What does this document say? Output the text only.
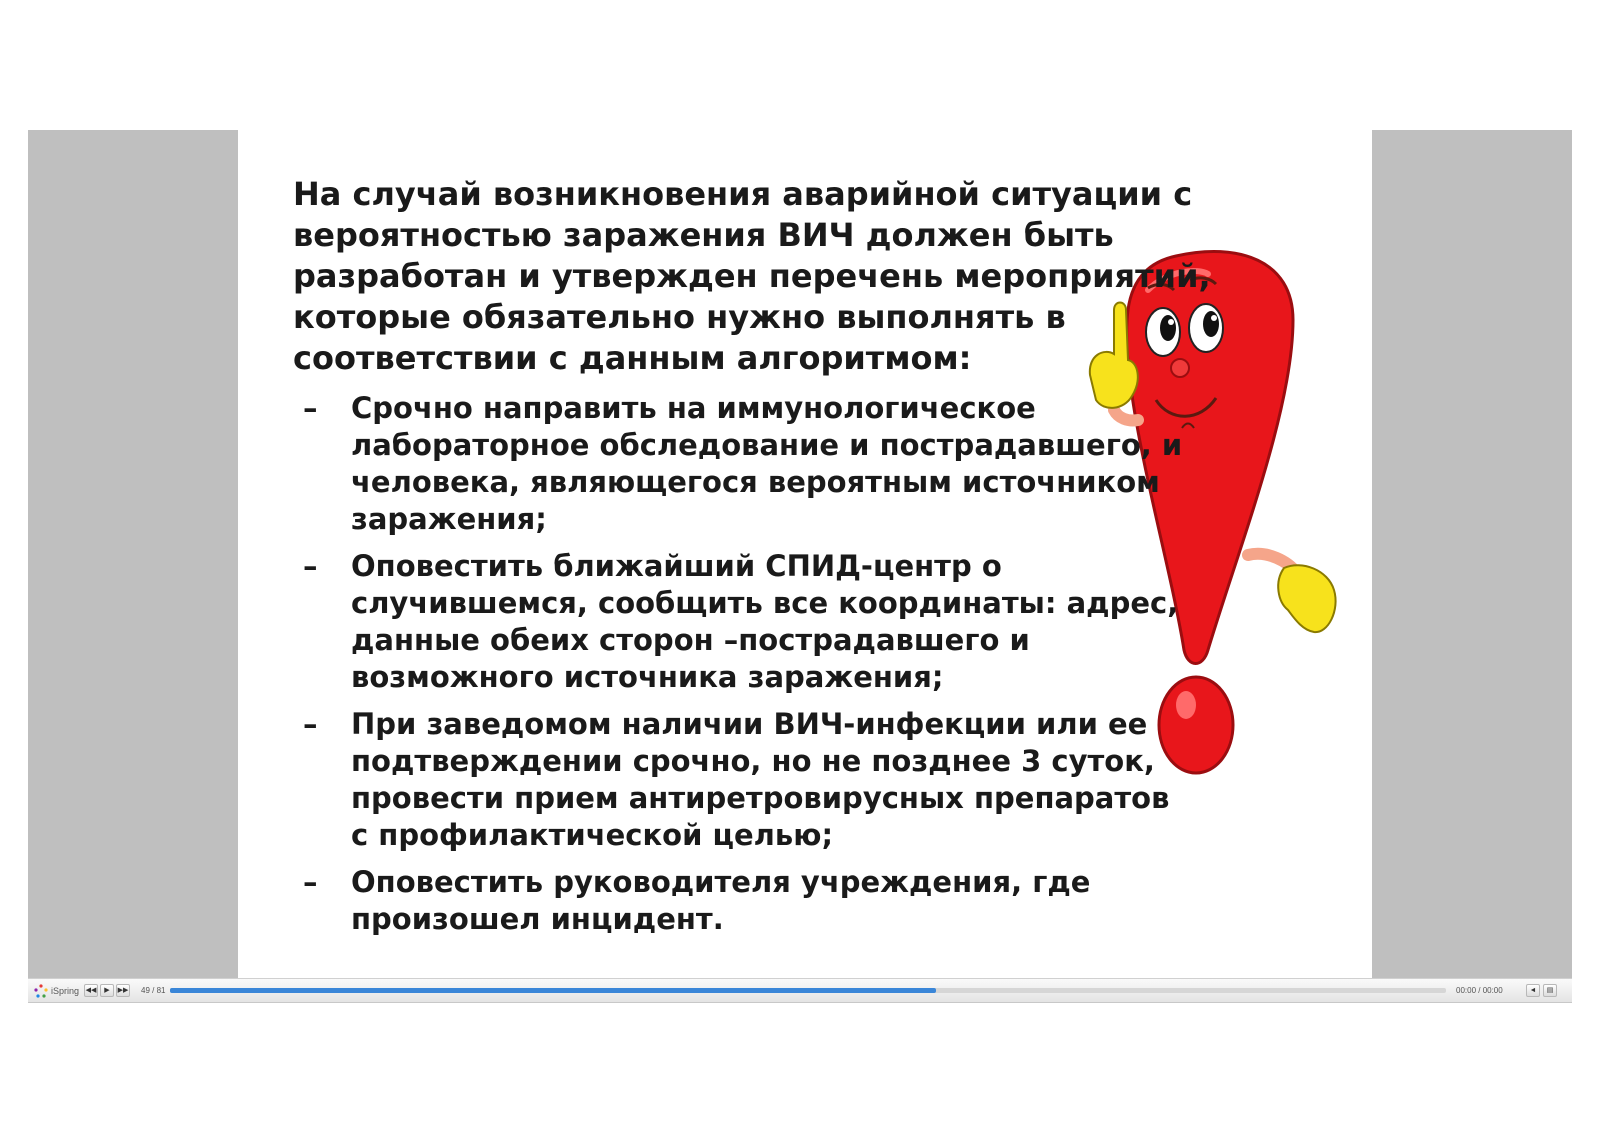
На случай возникновения аварийной ситуации с вероятностью заражения ВИЧ должен быть разработан и утвержден перечень мероприятий, которые обязательно нужно выполнять в соответствии с данным алгоритмом:

– Срочно направить на иммунологическое лабораторное обследование и пострадавшего, и человека, являющегося вероятным источником заражения;
– Оповестить ближайший СПИД-центр о случившемся, сообщить все координаты: адрес, данные обеих сторон –пострадавшего и возможного источника заражения;
– При заведомом наличии ВИЧ-инфекции или ее подтверждении срочно, но не позднее 3 суток, провести прием антиретровирусных препаратов с профилактической целью;
– Оповестить руководителя учреждения, где произошел инцидент.
iSpring ◀◀	▶	▶▶ 49 / 81	00:00 / 00:00	◄	▤
